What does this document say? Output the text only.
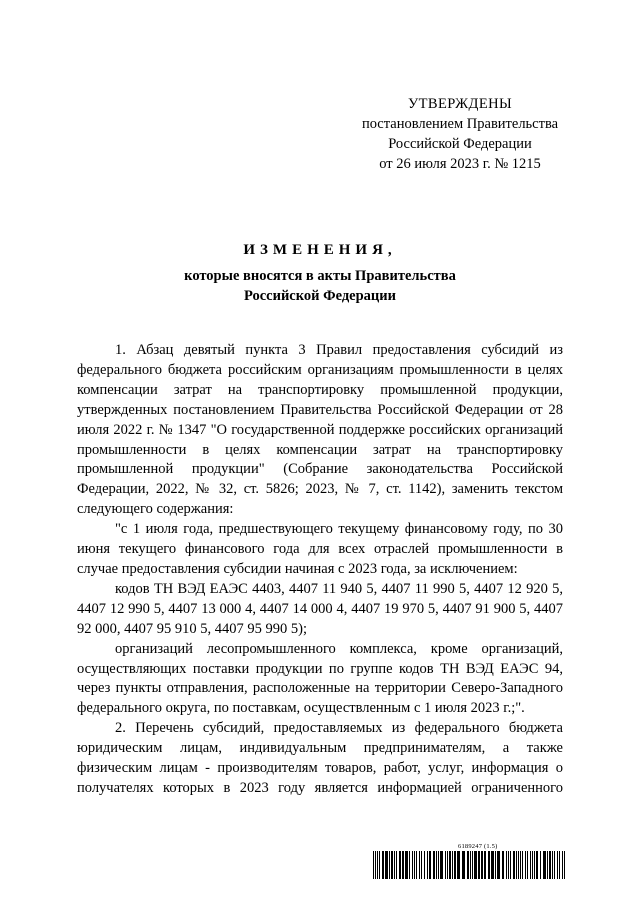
УТВЕРЖДЕНЫ
постановлением Правительства
Российской Федерации
от 26 июля 2023 г. № 1215
ИЗМЕНЕНИЯ,
которые вносятся в акты Правительства
Российской Федерации

1. Абзац девятый пункта 3 Правил предоставления субсидий из федерального бюджета российским организациям промышленности в целях компенсации затрат на транспортировку промышленной продукции, утвержденных постановлением Правительства Российской Федерации от 28 июля 2022 г. № 1347 "О государственной поддержке российских организаций промышленности в целях компенсации затрат на транспортировку промышленной продукции" (Собрание законодательства Российской Федерации, 2022, № 32, ст. 5826; 2023, № 7, ст. 1142), заменить текстом следующего содержания:

"с 1 июля года, предшествующего текущему финансовому году, по 30 июня текущего финансового года для всех отраслей промышленности в случае предоставления субсидии начиная с 2023 года, за исключением:

кодов ТН ВЭД ЕАЭС 4403, 4407 11 940 5, 4407 11 990 5, 4407 12 920 5, 4407 12 990 5, 4407 13 000 4, 4407 14 000 4, 4407 19 970 5, 4407 91 900 5, 4407 92 000, 4407 95 910 5, 4407 95 990 5);

организаций лесопромышленного комплекса, кроме организаций, осуществляющих поставки продукции по группе кодов ТН ВЭД ЕАЭС 94, через пункты отправления, расположенные на территории Северо-Западного федерального округа, по поставкам, осуществленным с 1 июля 2023 г.;".

2. Перечень субсидий, предоставляемых из федерального бюджета юридическим лицам, индивидуальным предпринимателям, а также физическим лицам - производителям товаров, работ, услуг, информация о получателях которых в 2023 году является информацией ограниченного

6189247 (1.5)
